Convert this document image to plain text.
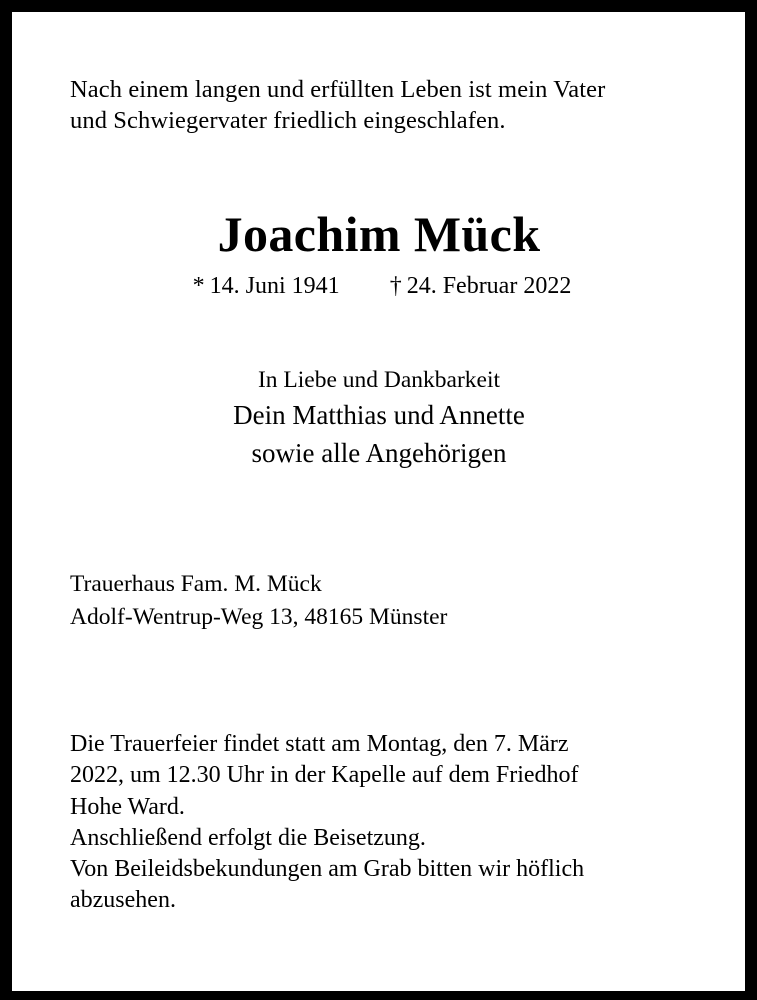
Nach einem langen und erfüllten Leben ist mein Vater
und Schwiegervater friedlich eingeschlafen.
Joachim Mück
* 14. Juni 1941 † 24. Februar 2022
In Liebe und Dankbarkeit
Dein Matthias und Annette
sowie alle Angehörigen
Trauerhaus Fam. M. Mück
Adolf-Wentrup-Weg 13, 48165 Münster

Die Trauerfeier findet statt am Montag, den 7. März
2022, um 12.30 Uhr in der Kapelle auf dem Friedhof
Hohe Ward.

Anschließend erfolgt die Beisetzung.
Von Beileidsbekundungen am Grab bitten wir höflich
abzusehen.
